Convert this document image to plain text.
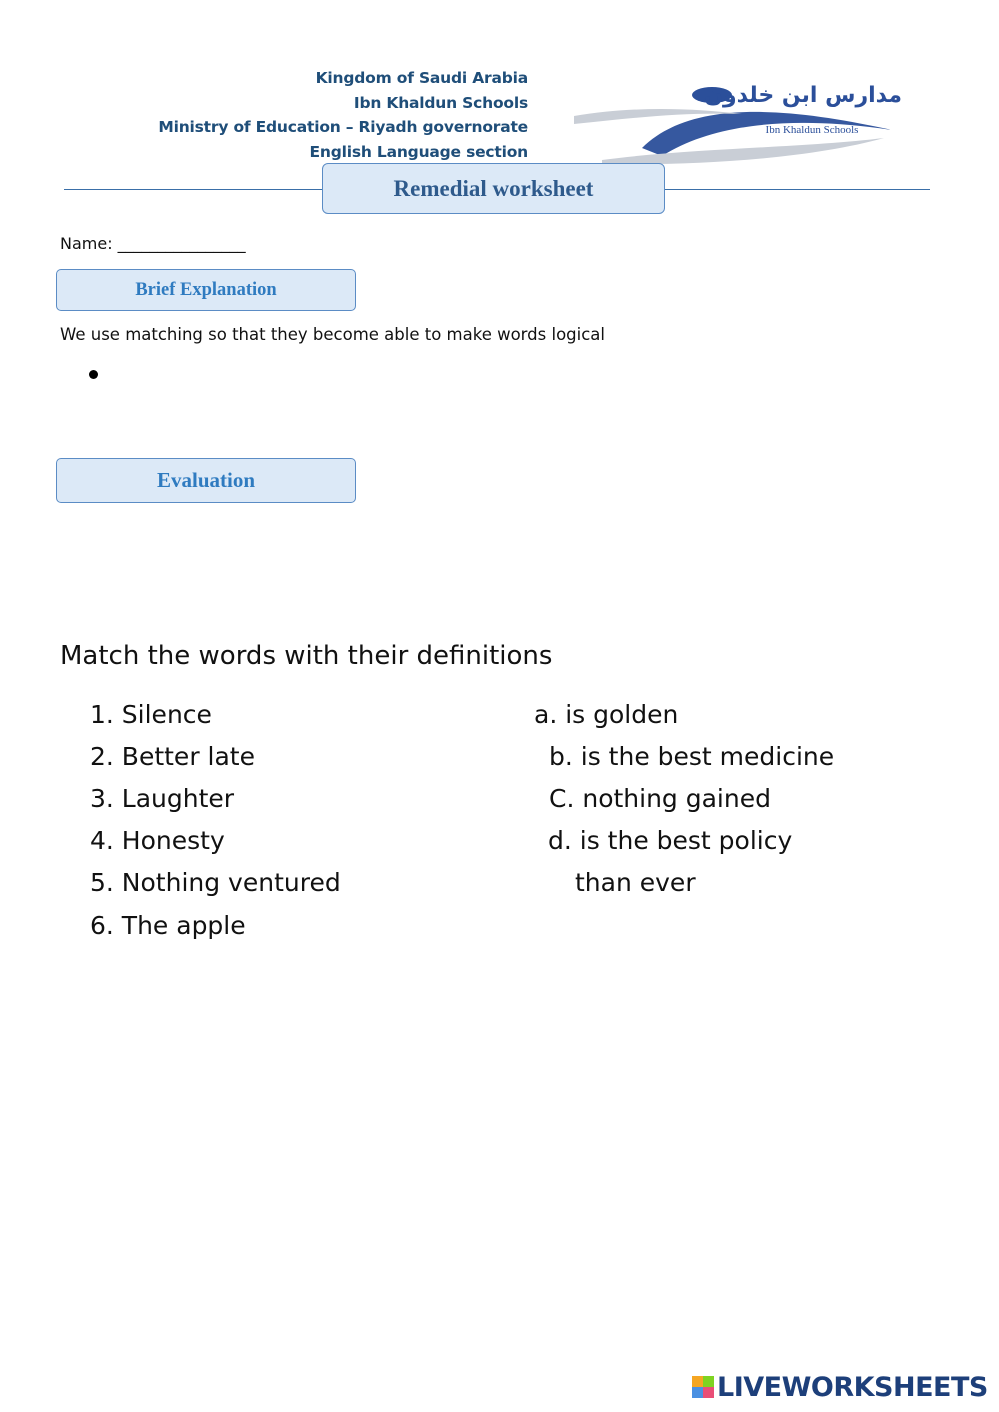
Kingdom of Saudi Arabia
Ibn Khaldun Schools
Ministry of Education – Riyadh governorate
English Language section
مدارس ابن خلدون
Ibn Khaldun Schools
Remedial worksheet
Name: ________________
Brief Explanation
We use matching so that they become able to make words logical
Evaluation
Match the words with their definitions
1. Silence
2. Better late
3. Laughter
4. Honesty
5. Nothing ventured
6. The apple
a. is golden
b. is the best medicine
C. nothing gained
d. is the best policy
than ever
LIVEWORKSHEETS
